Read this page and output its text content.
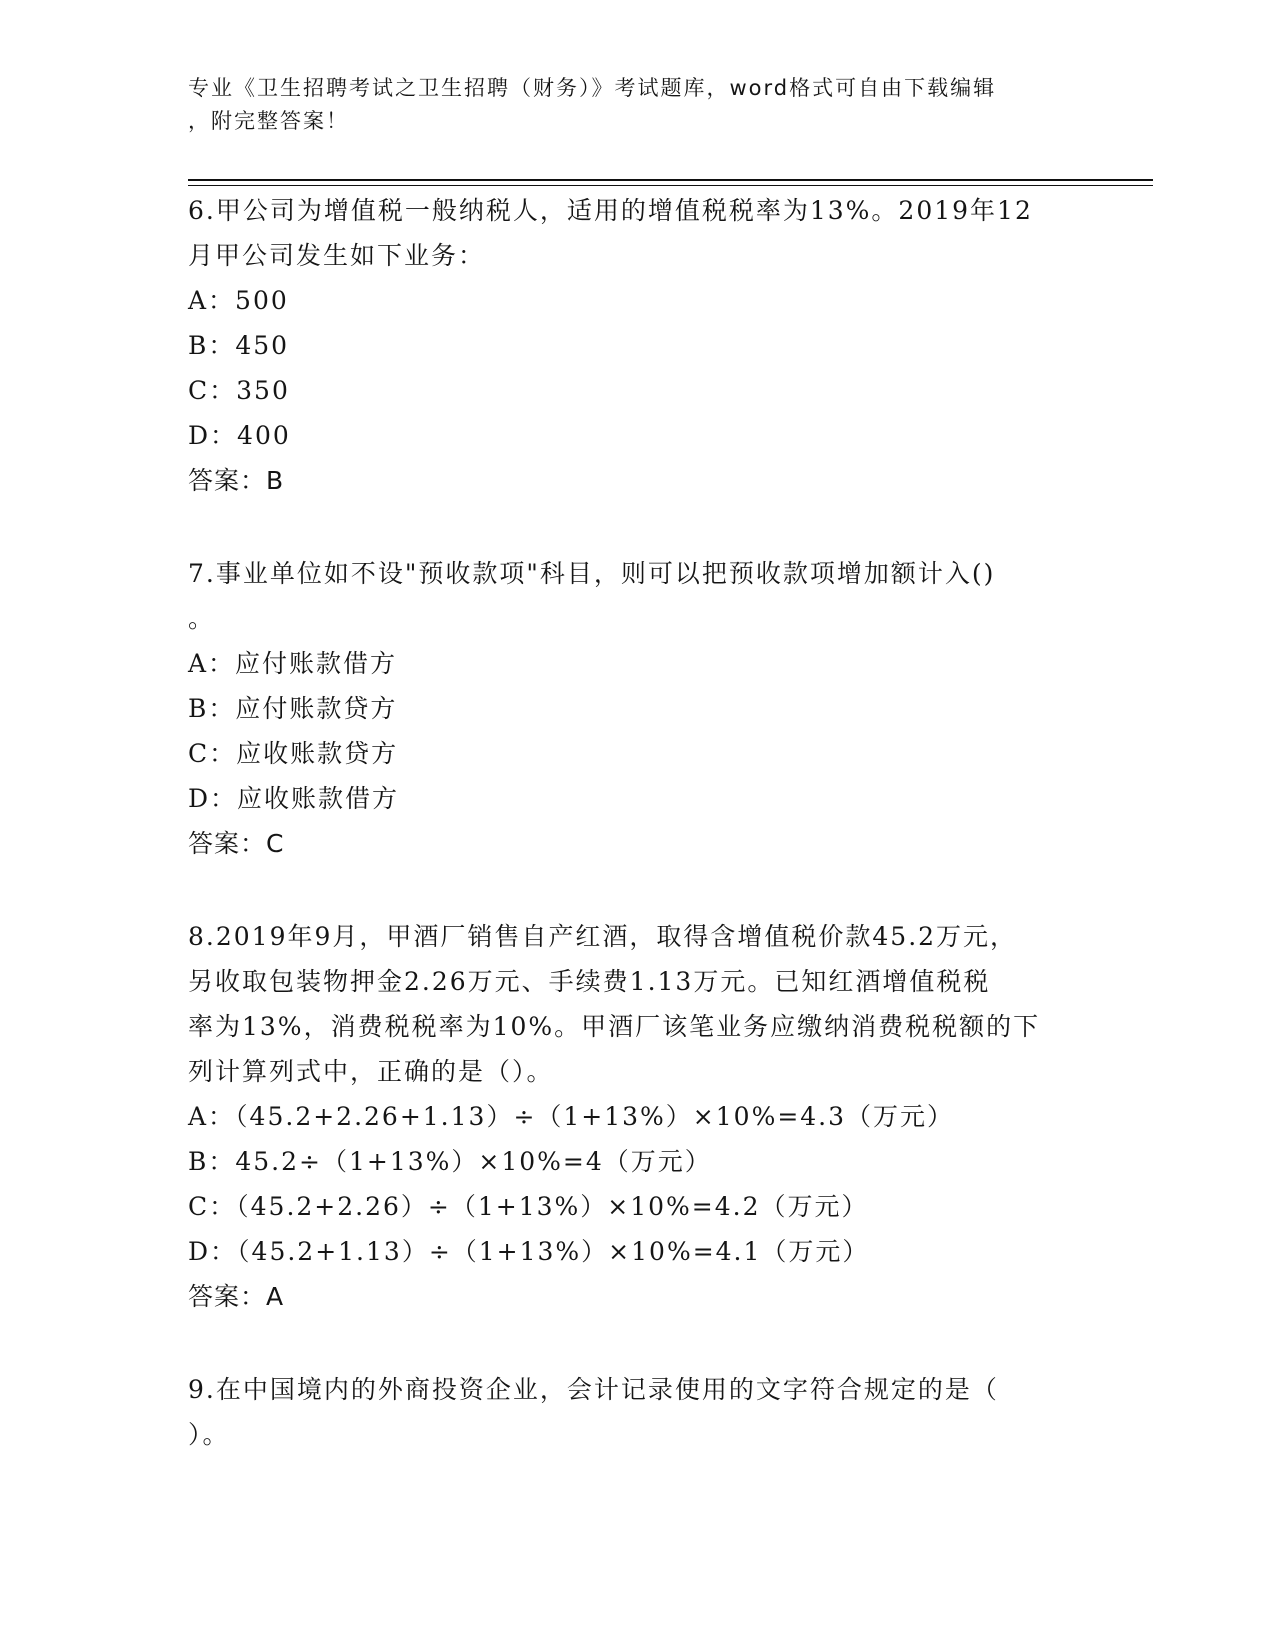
专业《卫生招聘考试之卫生招聘（财务）》考试题库，word格式可自由下载编辑
，附完整答案！

6.甲公司为增值税一般纳税人，适用的增值税税率为13%。2019年12

月甲公司发生如下业务：

A：500

B：450

C：350

D：400

答案：B

7.事业单位如不设"预收款项"科目，则可以把预收款项增加额计入()

。

A：应付账款借方

B：应付账款贷方

C：应收账款贷方

D：应收账款借方

答案：C

8.2019年9月，甲酒厂销售自产红酒，取得含增值税价款45.2万元，

另收取包装物押金2.26万元、手续费1.13万元。已知红酒增值税税

率为13%，消费税税率为10%。甲酒厂该笔业务应缴纳消费税税额的下

列计算列式中，正确的是（）。

A：（45.2+2.26+1.13）÷（1+13%）×10%=4.3（万元）

B：45.2÷（1+13%）×10%=4（万元）

C：（45.2+2.26）÷（1+13%）×10%=4.2（万元）

D：（45.2+1.13）÷（1+13%）×10%=4.1（万元）

答案：A

9.在中国境内的外商投资企业，会计记录使用的文字符合规定的是（

）。
